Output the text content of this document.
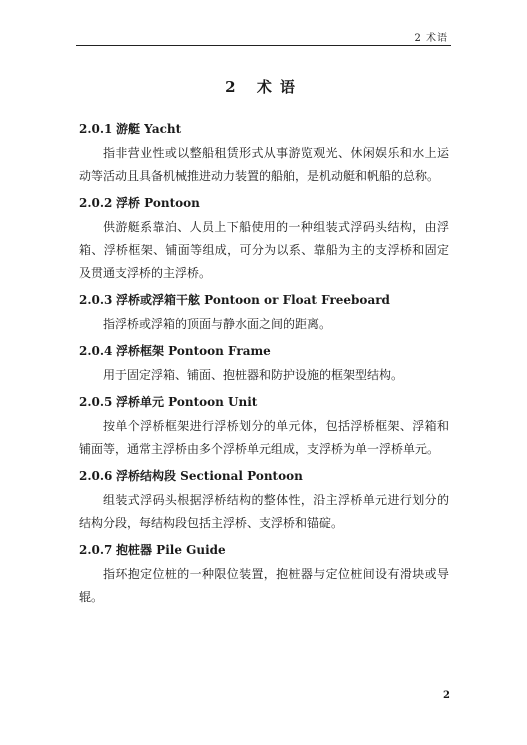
2 术语
2 术语
2.0.1 游艇 Yacht

指非营业性或以整船租赁形式从事游览观光、休闲娱乐和水上运动等活动且具备机械推进动力装置的船舶，是机动艇和帆船的总称。

2.0.2 浮桥 Pontoon

供游艇系靠泊、人员上下船使用的一种组装式浮码头结构，由浮箱、浮桥框架、铺面等组成，可分为以系、靠船为主的支浮桥和固定及贯通支浮桥的主浮桥。

2.0.3 浮桥或浮箱干舷 Pontoon or Float Freeboard

指浮桥或浮箱的顶面与静水面之间的距离。

2.0.4 浮桥框架 Pontoon Frame

用于固定浮箱、铺面、抱桩器和防护设施的框架型结构。

2.0.5 浮桥单元 Pontoon Unit

按单个浮桥框架进行浮桥划分的单元体，包括浮桥框架、浮箱和铺面等，通常主浮桥由多个浮桥单元组成，支浮桥为单一浮桥单元。

2.0.6 浮桥结构段 Sectional Pontoon

组装式浮码头根据浮桥结构的整体性，沿主浮桥单元进行划分的结构分段，每结构段包括主浮桥、支浮桥和锚碇。

2.0.7 抱桩器 Pile Guide

指环抱定位桩的一种限位装置，抱桩器与定位桩间设有滑块或导辊。

2
